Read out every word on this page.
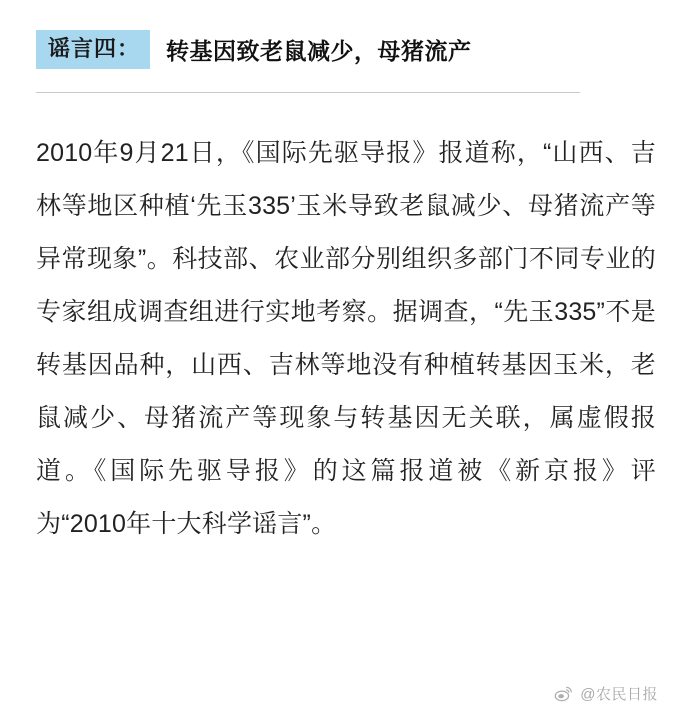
谣言四：	转基因致老鼠减少，母猪流产
2010年9月21日，《国际先驱导报》报道称，“山西、吉林等地区种植‘先玉335’玉米导致老鼠减少、母猪流产等异常现象”。科技部、农业部分别组织多部门不同专业的专家组成调查组进行实地考察。据调查，“先玉335”不是转基因品种，山西、吉林等地没有种植转基因玉米，老鼠减少、母猪流产等现象与转基因无关联，属虚假报道。《国际先驱导报》的这篇报道被《新京报》评为“2010年十大科学谣言”。
@农民日报
